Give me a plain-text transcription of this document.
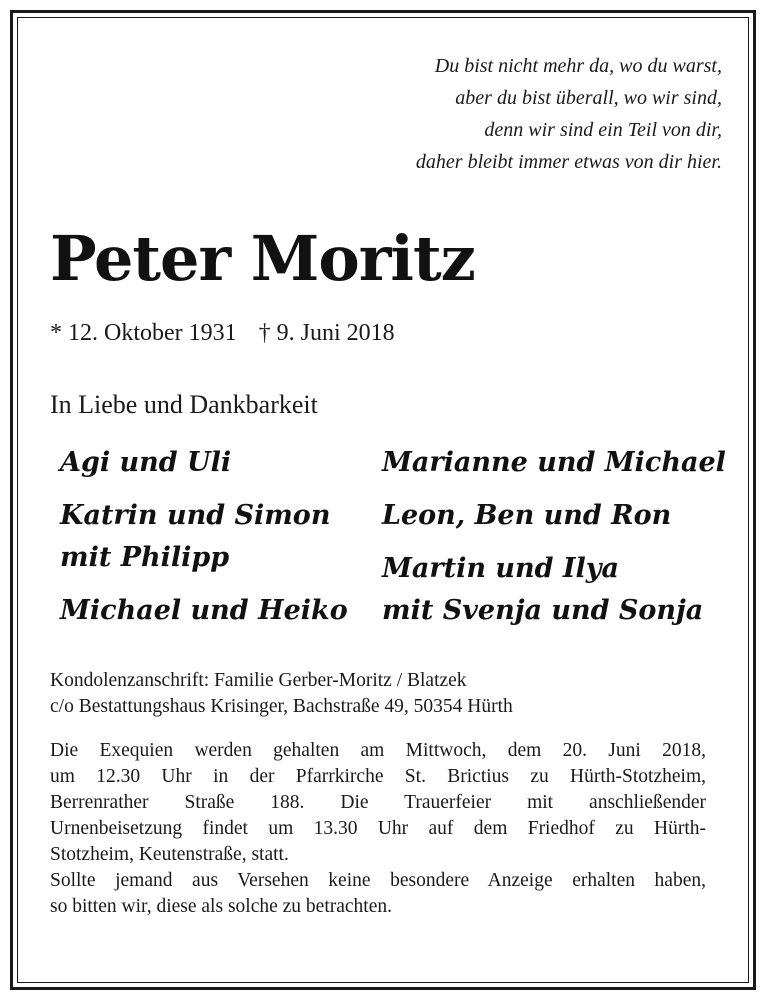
Du bist nicht mehr da, wo du warst,
aber du bist überall, wo wir sind,
denn wir sind ein Teil von dir,
daher bleibt immer etwas von dir hier.
Peter Moritz
* 12. Oktober 1931 † 9. Juni 2018
In Liebe und Dankbarkeit
Agi und Uli
Katrin und Simon
mit Philipp
Michael und Heiko
Marianne und Michael
Leon, Ben und Ron
Martin und Ilya
mit Svenja und Sonja
Kondolenzanschrift: Familie Gerber-Moritz / Blatzek
c/o Bestattungshaus Krisinger, Bachstraße 49, 50354 Hürth
Die Exequien werden gehalten am Mittwoch, dem 20. Juni 2018,
um 12.30 Uhr in der Pfarrkirche St. Brictius zu Hürth-Stotzheim,
Berrenrather Straße 188. Die Trauerfeier mit anschließender
Urnenbeisetzung findet um 13.30 Uhr auf dem Friedhof zu Hürth-
Stotzheim, Keutenstraße, statt.
Sollte jemand aus Versehen keine besondere Anzeige erhalten haben,
so bitten wir, diese als solche zu betrachten.
